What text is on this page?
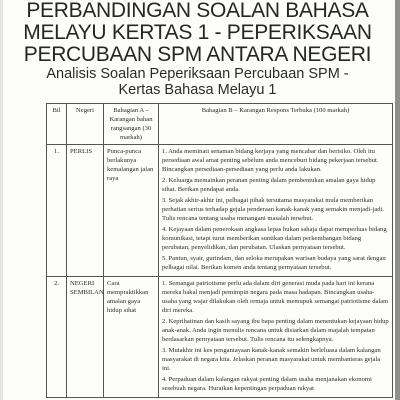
PERBANDINGAN SOALAN BAHASA
MELAYU KERTAS 1 - PEPERIKSAAN
PERCUBAAN SPM ANTARA NEGERI
Analisis Soalan Peperiksaan Percubaan SPM -
Kertas Bahasa Melayu 1
Bil	Negeri	Bahagian A – Karangan bahan rangsangan (30 markah)	Bahagian B – Karangan Respons Terbuka (100 markah)
1.	PERLIS	Punca-punca berlakunya kemalangan jalan raya	1. Anda meminati senaman bidang kerjaya yang mencabar dan berisiko. Oleh itu persediaan awal amat penting sebelum anda menceburi bidang pekerjaan tersebut. Bincangkan persediaan-persediaan yang perlu anda lakukan.

2. Keluarga memainkan peranan penting dalam pembentukan amalan gaya hidup sihat. Berikan pendapat anda.

3. Sejak akhir-akhir ini, pelbagai pihak tersutama masyarakat mula memberikan perhatian serius terhadap gejala penderaan kanak-kanak yang semakin menjadi-jadi. Tulis rencana tentang usaha menangani masalah tersebut.

4. Kejayaan dalam penerokaan angkasa lepas bukan sahaja dapat memperluas bidang komunikasi, tetapi turut memberikan suntikan dalam perkembangan bidang perubatan, penyelidikan, dan perubatan. Ulaskan pernyataan tersebut.

5. Pantun, syair, gurindam, dan seloka merupakan warisan budaya yang sarat dengan pelbagai nilai. Berikan komen anda tentang pernyataan tersebut.

2.	NEGERI SEMBILAN	Cara mempraktikkan amalan gaya hidup sihat	1. Semangat patriotisme perlu ada dalam diri generasi muda pada hari ini kerana mereka bakal menjadi pemimpin negara pada masa hadapan. Bincangkan usaha-usaha yang wajar dilakukan oleh remaja untuk memupuk semangat patriotisme dalam diri mereka.

2. Keprihatinan dan kasih sayang ibu bapa penting dalam menentukan kejayaan hidup anak-anak. Anda ingin menulis rencana untuk disiarkan dalam majalah tempatan berdasarkan pernyataan tersebut. Tulis rencana itu selengkapnya.

3. Mutakhir ini kes penganiayaan kanak-kanak semakin berleluasa dalam kalangan masyarakat di negara kita. Jelaskan peranan masyarakat untuk membanteras gejala ini.

4. Perpaduan dalam kalangan rakyat penting dalam usaha menjanakan ekonomi sesebuah negara. Huraikan kepentingan perpaduan rakyat
